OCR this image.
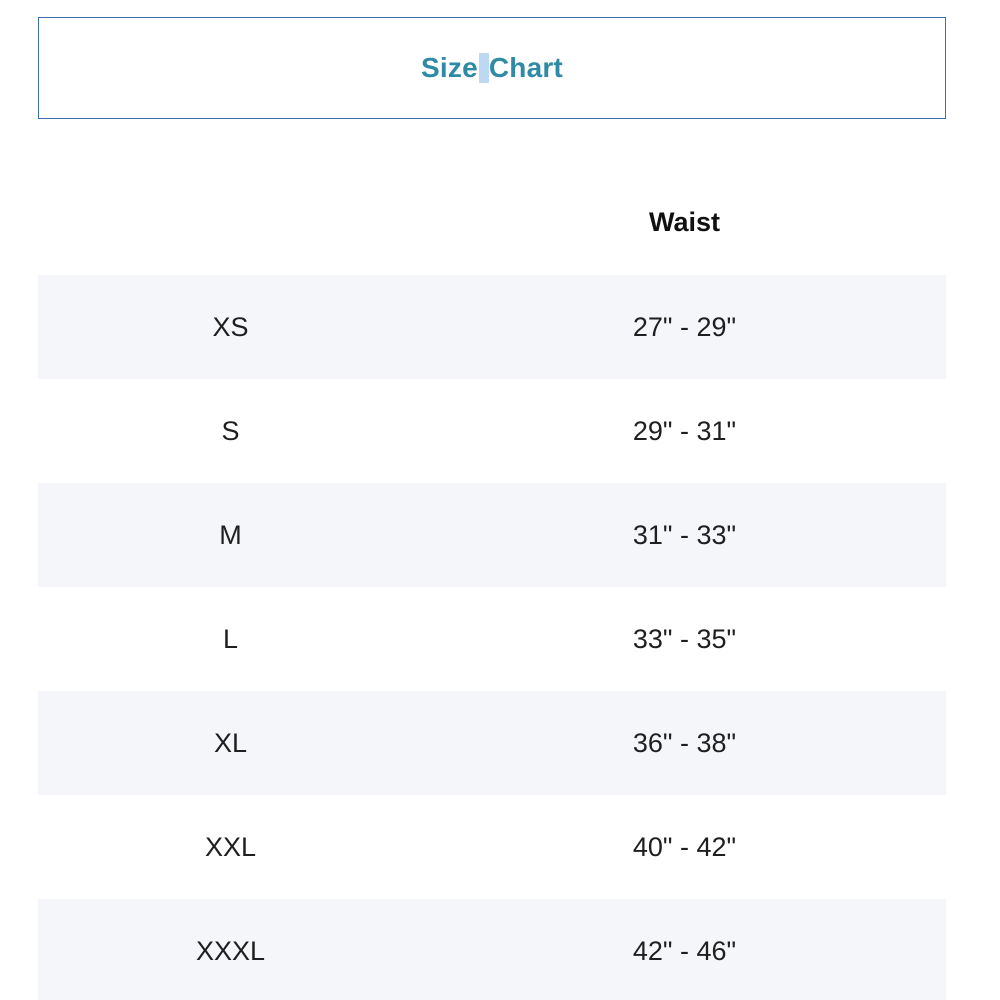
Size Chart
Waist
XS	27" - 29"
S	29" - 31"
M	31" - 33"
L	33" - 35"
XL	36" - 38"
XXL	40" - 42"
XXXL	42" - 46"
